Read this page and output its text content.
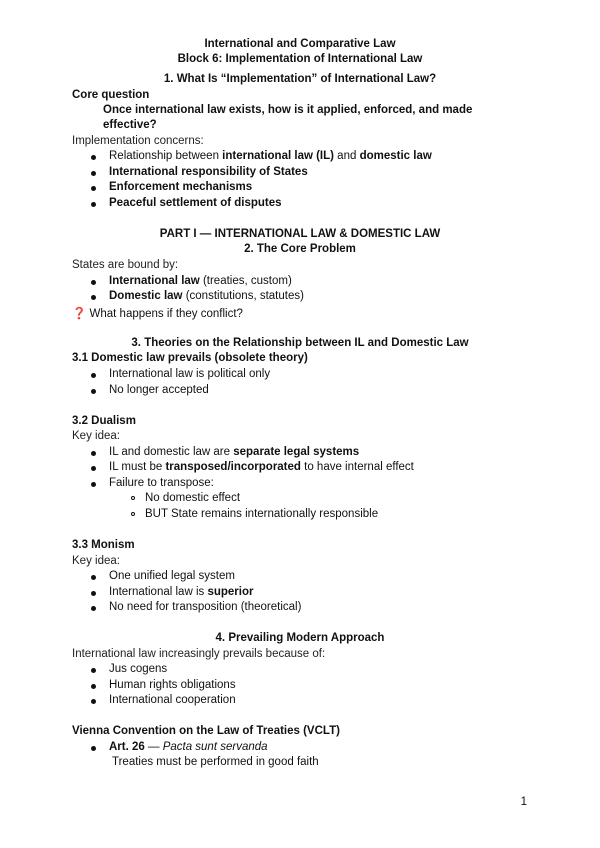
International and Comparative Law
Block 6: Implementation of International Law
1. What Is “Implementation” of International Law?
Core question
Once international law exists, how is it applied, enforced, and made
effective?
Implementation concerns:
Relationship between international law (IL) and domestic law
International responsibility of States
Enforcement mechanisms
Peaceful settlement of disputes
PART I — INTERNATIONAL LAW & DOMESTIC LAW
2. The Core Problem
States are bound by:
International law (treaties, custom)
Domestic law (constitutions, statutes)
❓ What happens if they conflict?
3. Theories on the Relationship between IL and Domestic Law
3.1 Domestic law prevails (obsolete theory)
International law is political only
No longer accepted
3.2 Dualism
Key idea:
IL and domestic law are separate legal systems
IL must be transposed/incorporated to have internal effect
Failure to transpose:
No domestic effect
BUT State remains internationally responsible
3.3 Monism
Key idea:
One unified legal system
International law is superior
No need for transposition (theoretical)
4. Prevailing Modern Approach
International law increasingly prevails because of:
Jus cogens
Human rights obligations
International cooperation
Vienna Convention on the Law of Treaties (VCLT)
Art. 26 — Pacta sunt servanda
Treaties must be performed in good faith
1
